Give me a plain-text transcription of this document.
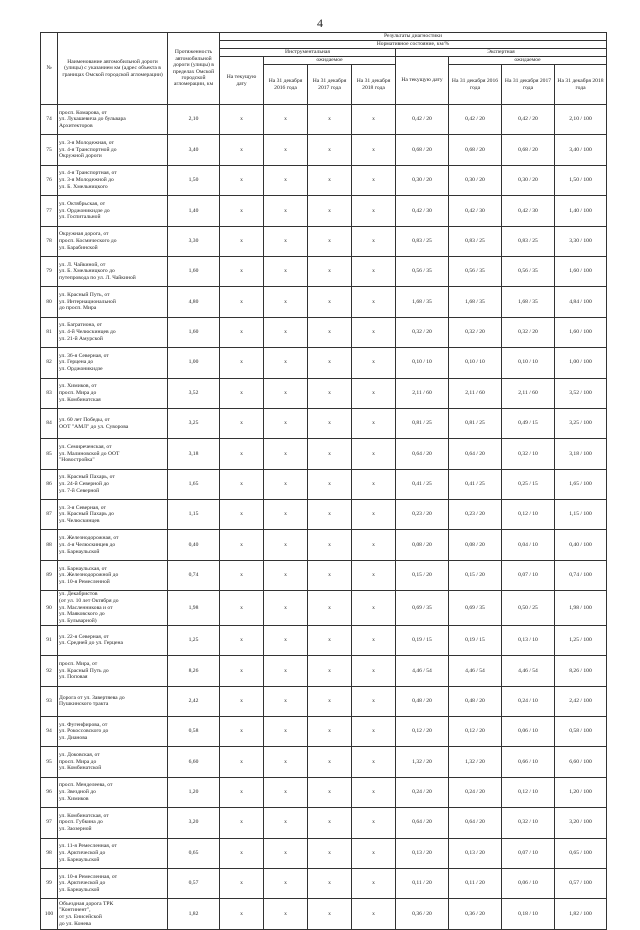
4
№	Наименование автомобильной дороги (улицы) с указанием км (адрес объекта в границах Омской городской агломерации)	Протяженность автомобильной дороги (улицы) в пределах Омской городской агломерации, км	Результаты диагностики							
			Нормативное состояние, км/%							
			Инструментальная				Экспертная			
			На текущую дату	ожидаемое			На текущую дату	ожидаемое		
				На 31 декабря 2016 года	На 31 декабря 2017 года	На 31 декабря 2018 года		На 31 декабря 2016 года	На 31 декабря 2017 года	На 31 декабря 2018 года
74	просп. Комарова, от
ул. Лукашевича до бульвара
Архитекторов	2,10	x	x	x	x	0,42 / 20	0,42 / 20	0,42 / 20	2,10 / 100
75	ул. 3-я Молодежная, от
ул. 4-я Транспортной до
Окружной дороги	3,40	x	x	x	x	0,68 / 20	0,68 / 20	0,68 / 20	3,40 / 100
76	ул. 4-я Транспортная, от
ул. 3-я Молодежной до
ул. Б. Хмельницкого	1,50	x	x	x	x	0,30 / 20	0,30 / 20	0,30 / 20	1,50 / 100
77	ул. Октябрьская, от
ул. Орджоникидзе до
ул. Госпитальной	1,40	x	x	x	x	0,42 / 30	0,42 / 30	0,42 / 30	1,40 / 100
78	Окружная дорога, от
просп. Космического до
ул. Барабинской	3,30	x	x	x	x	0,83 / 25	0,83 / 25	0,83 / 25	3,30 / 100
79	ул. Л. Чайкиной, от
ул. Б. Хмельницкого до
путепровода по ул. Л. Чайкиной	1,60	x	x	x	x	0,56 / 35	0,56 / 35	0,56 / 35	1,60 / 100
80	ул. Красный Путь, от
ул. Интернациональной
до просп. Мира	4,80	x	x	x	x	1,68 / 35	1,68 / 35	1,68 / 35	4,84 / 100
81	ул. Багратиона, от
ул. 4-й Челюскинцев до
ул. 21-й Амурской	1,60	x	x	x	x	0,32 / 20	0,32 / 20	0,32 / 20	1,60 / 100
82	ул. 36-я Северная, от
ул. Герцена до
ул. Орджоникидзе	1,00	x	x	x	x	0,10 / 10	0,10 / 10	0,10 / 10	1,00 / 100
83	ул. Химиков, от
просп. Мира до
ул. Комбинатская	3,52	x	x	x	x	2,11 / 60	2,11 / 60	2,11 / 60	3,52 / 100
84	ул. 60 лет Победы, от
ООТ "АМЛ" до ул. Суворова	3,25	x	x	x	x	0,81 / 25	0,81 / 25	0,49 / 15	3,25 / 100
85	ул. Семиреченская, от
ул. Малиновской до ООТ
"Новостройка"	3,18	x	x	x	x	0,64 / 20	0,64 / 20	0,32 / 10	3,18 / 100
86	ул. Красный Пахарь, от
ул. 24-й Северной до
ул. 7-й Северной	1,65	x	x	x	x	0,41 / 25	0,41 / 25	0,25 / 15	1,65 / 100
87	ул. 3-я Северная, от
ул. Красный Пахарь до
ул. Челюскинцев	1,15	x	x	x	x	0,23 / 20	0,23 / 20	0,12 / 10	1,15 / 100
88	ул. Железнодорожная, от
ул. 4-я Челюскинцев до
ул. Барнаульской	0,40	x	x	x	x	0,08 / 20	0,08 / 20	0,04 / 10	0,40 / 100
89	ул. Барнаульская, от
ул. Железнодорожной до
ул. 10-я Ремесленной	0,74	x	x	x	x	0,15 / 20	0,15 / 20	0,07 / 10	0,74 / 100
90	ул. Декабристов
(от ул. 10 лет Октября до
ул. Масленникова и от
ул. Маяковского до
ул. Бульварной)	1,98	x	x	x	x	0,69 / 35	0,69 / 35	0,50 / 25	1,98 / 100
91	ул. 22-я Северная, от
ул. Средней до ул. Герцена	1,25	x	x	x	x	0,19 / 15	0,19 / 15	0,13 / 10	1,25 / 100
92	просп. Мира, от
ул. Красный Путь до
ул. Поповая	8,26	x	x	x	x	4,46 / 54	4,46 / 54	4,46 / 54	8,26 / 100
93	Дорога от ул. Завертяева до
Пушкинского тракта	2,42	x	x	x	x	0,48 / 20	0,48 / 20	0,24 / 10	2,42 / 100
94	ул. Фугенфирова, от
ул. Рокоссовского до
ул. Дианова	0,58	x	x	x	x	0,12 / 20	0,12 / 20	0,06 / 10	0,58 / 100
95	ул. Доковская, от
просп. Мира до
ул. Комбинатской	6,60	x	x	x	x	1,32 / 20	1,32 / 20	0,66 / 10	6,60 / 100
96	просп. Менделеева, от
ул. Звездной до
ул. Химиков	1,20	x	x	x	x	0,24 / 20	0,24 / 20	0,12 / 10	1,20 / 100
97	ул. Комбинатская, от
просп. Губкина до
ул. Заозерной	3,20	x	x	x	x	0,64 / 20	0,64 / 20	0,32 / 10	3,20 / 100
98	ул. 11-я Ремесленная, от
ул. Арктической до
ул. Барнаульской	0,65	x	x	x	x	0,13 / 20	0,13 / 20	0,07 / 10	0,65 / 100
99	ул. 10-я Ремесленная, от
ул. Арктической до
ул. Барнаульской	0,57	x	x	x	x	0,11 / 20	0,11 / 20	0,06 / 10	0,57 / 100
100	Объездная дорога ТРК
"Континент",
от ул. Енисейской
до ул. Конева	1,82	x	x	x	x	0,36 / 20	0,36 / 20	0,18 / 10	1,82 / 100
